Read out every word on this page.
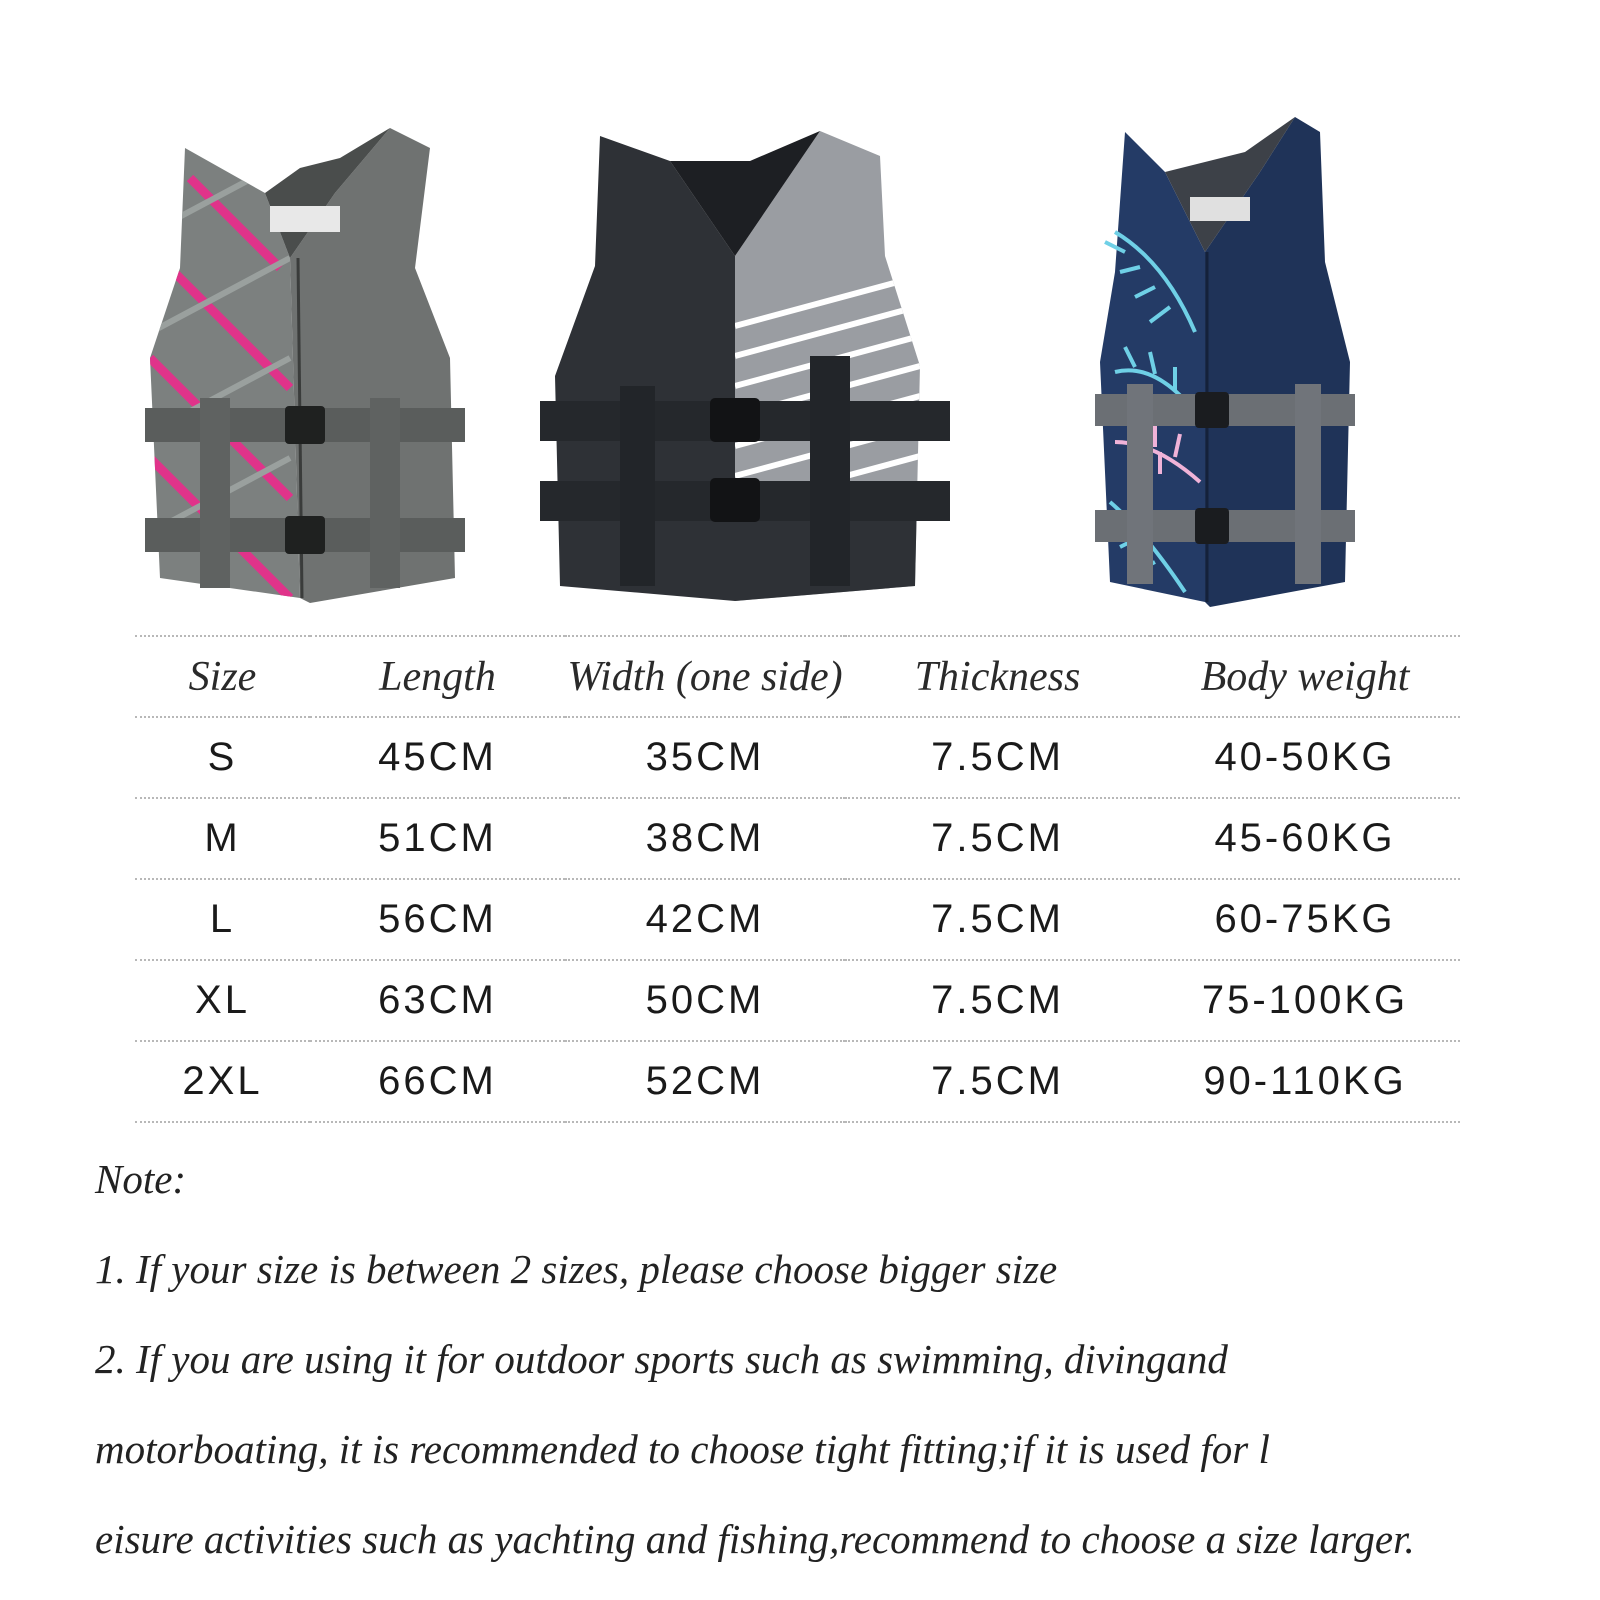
Size	Length	Width (one side)	Thickness	Body weight
S	45CM	35CM	7.5CM	40-50KG
M	51CM	38CM	7.5CM	45-60KG
L	56CM	42CM	7.5CM	60-75KG
XL	63CM	50CM	7.5CM	75-100KG
2XL	66CM	52CM	7.5CM	90-110KG

Note:

1. If your size is between 2 sizes, please choose bigger size

2. If you are using it for outdoor sports such as swimming, divingand

motorboating, it is recommended to choose tight fitting;if it is used for l

eisure activities such as yachting and fishing,recommend to choose a size larger.
